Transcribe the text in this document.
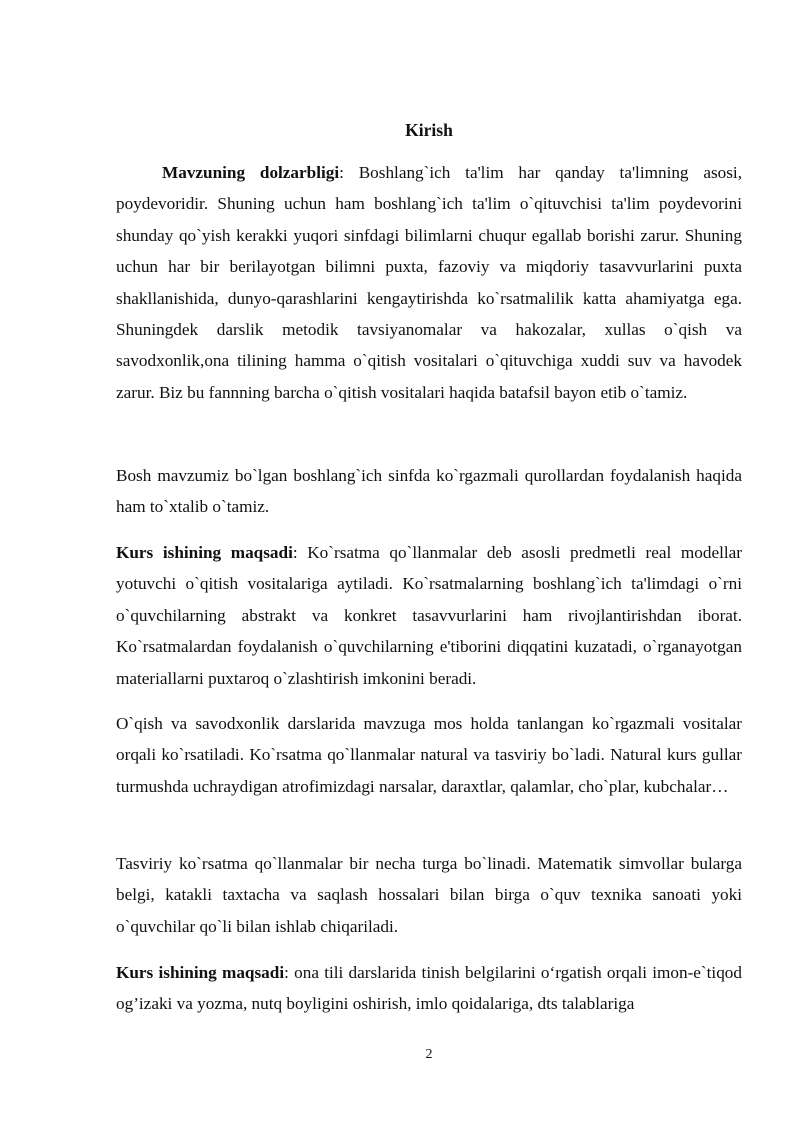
Kirish

Mavzuning dolzarbligi: Boshlang`ich ta'lim har qanday ta'limning asosi, poydevoridir. Shuning uchun ham boshlang`ich ta'lim o`qituvchisi ta'lim poydevorini shunday qo`yish kerakki yuqori sinfdagi bilimlarni chuqur egallab borishi zarur. Shuning uchun har bir berilayotgan bilimni puxta, fazoviy va miqdoriy tasavvurlarini puxta shakllanishida, dunyo-qarashlarini kengaytirishda ko`rsatmalilik katta ahamiyatga ega. Shuningdek darslik metodik tavsiyanomalar va hakozalar, xullas o`qish va savodxonlik,ona tilining hamma o`qitish vositalari o`qituvchiga xuddi suv va havodek zarur. Biz bu fannning barcha o`qitish vositalari haqida batafsil bayon etib o`tamiz.

Bosh mavzumiz bo`lgan boshlang`ich sinfda ko`rgazmali qurollardan foydalanish haqida ham to`xtalib o`tamiz.

Kurs ishining maqsadi: Ko`rsatma qo`llanmalar deb asosli predmetli real modellar yotuvchi o`qitish vositalariga aytiladi. Ko`rsatmalarning boshlang`ich ta'limdagi o`rni o`quvchilarning abstrakt va konkret tasavvurlarini ham rivojlantirishdan iborat. Ko`rsatmalardan foydalanish o`quvchilarning e'tiborini diqqatini kuzatadi, o`rganayotgan materiallarni puxtaroq o`zlashtirish imkonini beradi.

O`qish va savodxonlik darslarida mavzuga mos holda tanlangan ko`rgazmali vositalar orqali ko`rsatiladi. Ko`rsatma qo`llanmalar natural va tasviriy bo`ladi. Natural kurs gullar turmushda uchraydigan atrofimizdagi narsalar, daraxtlar, qalamlar, cho`plar, kubchalar…

Tasviriy ko`rsatma qo`llanmalar bir necha turga bo`linadi. Matematik simvollar bularga belgi, katakli taxtacha va saqlash hossalari bilan birga o`quv texnika sanoati yoki o`quvchilar qo`li bilan ishlab chiqariladi.

Kurs ishining maqsadi: ona tili darslarida tinish belgilarini o‘rgatish orqali imon-e`tiqod og’izaki va yozma, nutq boyligini oshirish, imlo qoidalariga, dts talablariga

2
